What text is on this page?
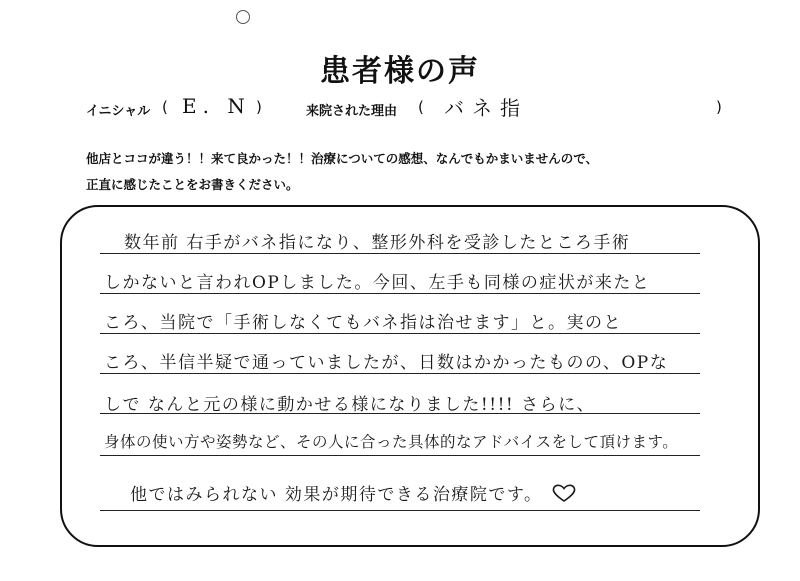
患者様の声
イニシャル ( E. N )	来院された理由 ( バネ指	)
他店とココが違う！！来て良かった！！治療についての感想、なんでもかまいませんので、
正直に感じたことをお書きください。
数年前 右手がバネ指になり、整形外科を受診したところ手術
しかないと言われOPしました。今回、左手も同様の症状が来たと
ころ、当院で「手術しなくてもバネ指は治せます」と。実のと
ころ、半信半疑で通っていましたが、日数はかかったものの、OPな
しで なんと元の様に動かせる様になりました!!!! さらに、
身体の使い方や姿勢など、その人に合った具体的なアドバイスをして頂けます。
他ではみられない 効果が期待できる治療院です。
